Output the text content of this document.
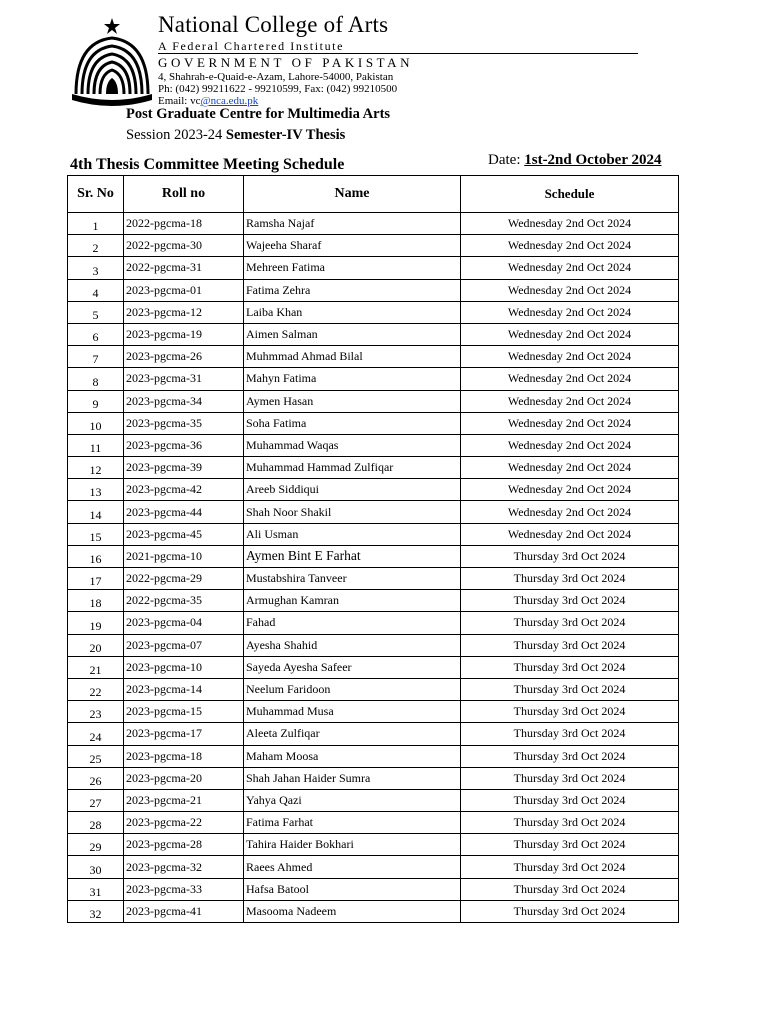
National College of Arts
A Federal Chartered Institute
GOVERNMENT OF PAKISTAN
4, Shahrah-e-Quaid-e-Azam, Lahore-54000, Pakistan
Ph: (042) 99211622 - 99210599, Fax: (042) 99210500
Email: vc@nca.edu.pk
Post Graduate Centre for Multimedia Arts
Session 2023-24 Semester-IV Thesis
4th Thesis Committee Meeting Schedule	Date: 1st-2nd October 2024
Sr. No	Roll no	Name	Schedule
1	2022-pgcma-18	Ramsha Najaf	Wednesday 2nd Oct 2024
2	2022-pgcma-30	Wajeeha Sharaf	Wednesday 2nd Oct 2024
3	2022-pgcma-31	Mehreen Fatima	Wednesday 2nd Oct 2024
4	2023-pgcma-01	Fatima Zehra	Wednesday 2nd Oct 2024
5	2023-pgcma-12	Laiba Khan	Wednesday 2nd Oct 2024
6	2023-pgcma-19	Aimen Salman	Wednesday 2nd Oct 2024
7	2023-pgcma-26	Muhmmad Ahmad Bilal	Wednesday 2nd Oct 2024
8	2023-pgcma-31	Mahyn Fatima	Wednesday 2nd Oct 2024
9	2023-pgcma-34	Aymen Hasan	Wednesday 2nd Oct 2024
10	2023-pgcma-35	Soha Fatima	Wednesday 2nd Oct 2024
11	2023-pgcma-36	Muhammad Waqas	Wednesday 2nd Oct 2024
12	2023-pgcma-39	Muhammad Hammad Zulfiqar	Wednesday 2nd Oct 2024
13	2023-pgcma-42	Areeb Siddiqui	Wednesday 2nd Oct 2024
14	2023-pgcma-44	Shah Noor Shakil	Wednesday 2nd Oct 2024
15	2023-pgcma-45	Ali Usman	Wednesday 2nd Oct 2024
16	2021-pgcma-10	Aymen Bint E Farhat	Thursday 3rd Oct 2024
17	2022-pgcma-29	Mustabshira Tanveer	Thursday 3rd Oct 2024
18	2022-pgcma-35	Armughan Kamran	Thursday 3rd Oct 2024
19	2023-pgcma-04	Fahad	Thursday 3rd Oct 2024
20	2023-pgcma-07	Ayesha Shahid	Thursday 3rd Oct 2024
21	2023-pgcma-10	Sayeda Ayesha Safeer	Thursday 3rd Oct 2024
22	2023-pgcma-14	Neelum Faridoon	Thursday 3rd Oct 2024
23	2023-pgcma-15	Muhammad Musa	Thursday 3rd Oct 2024
24	2023-pgcma-17	Aleeta Zulfiqar	Thursday 3rd Oct 2024
25	2023-pgcma-18	Maham Moosa	Thursday 3rd Oct 2024
26	2023-pgcma-20	Shah Jahan Haider Sumra	Thursday 3rd Oct 2024
27	2023-pgcma-21	Yahya Qazi	Thursday 3rd Oct 2024
28	2023-pgcma-22	Fatima Farhat	Thursday 3rd Oct 2024
29	2023-pgcma-28	Tahira Haider Bokhari	Thursday 3rd Oct 2024
30	2023-pgcma-32	Raees Ahmed	Thursday 3rd Oct 2024
31	2023-pgcma-33	Hafsa Batool	Thursday 3rd Oct 2024
32	2023-pgcma-41	Masooma Nadeem	Thursday 3rd Oct 2024
